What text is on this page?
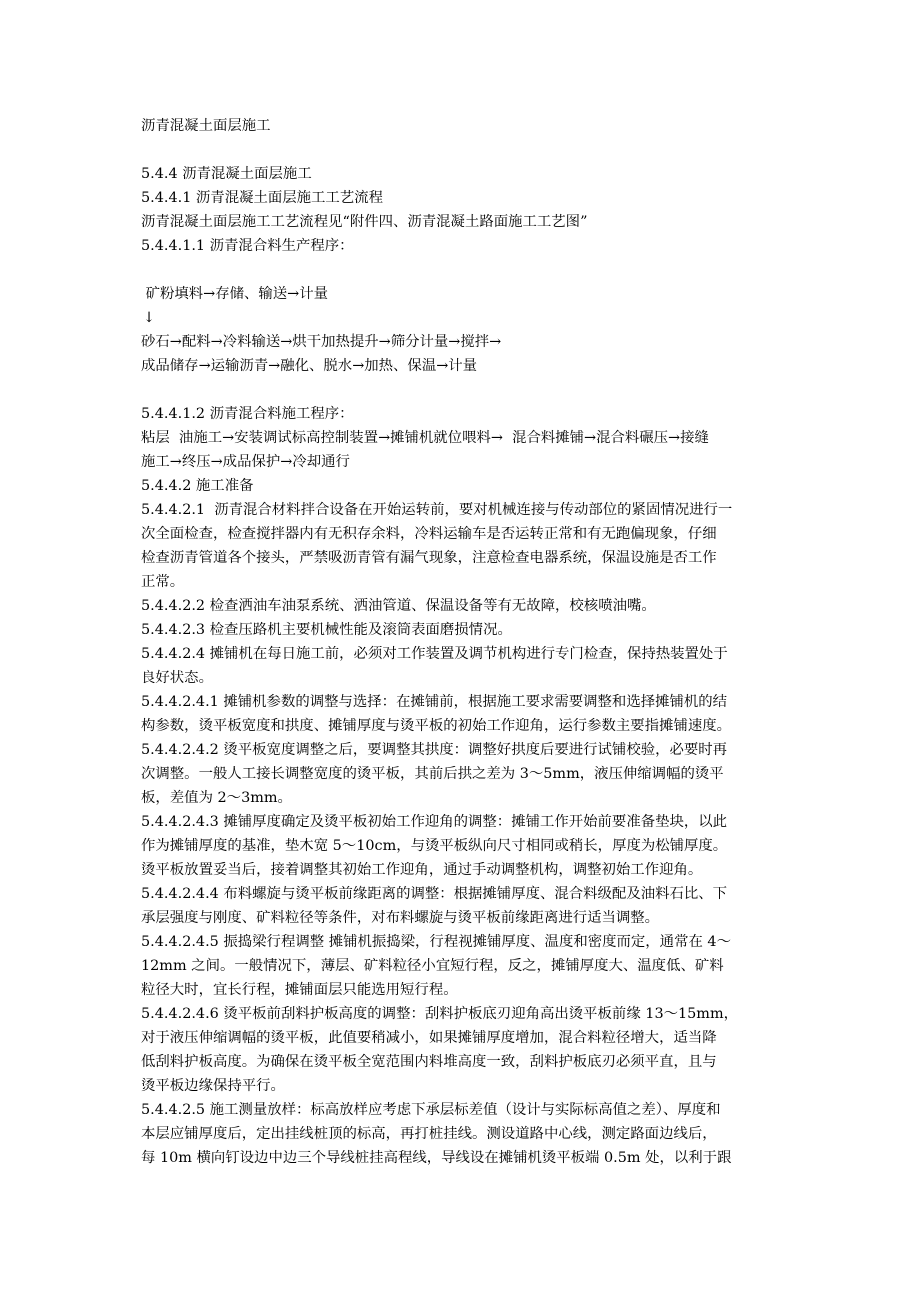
沥青混凝土面层施工
5.4.4 沥青混凝土面层施工
5.4.4.1 沥青混凝土面层施工工艺流程
沥青混凝土面层施工工艺流程见“附件四、沥青混凝土路面施工工艺图”
5.4.4.1.1 沥青混合料生产程序：
矿粉填料→存储、输送→计量
↓
砂石→配料→冷料输送→烘干加热提升→筛分计量→搅拌→
成品储存→运输沥青→融化、脱水→加热、保温→计量
5.4.4.1.2 沥青混合料施工程序：
粘层  油施工→安装调试标高控制装置→摊铺机就位喂料→  混合料摊铺→混合料碾压→接缝
施工→终压→成品保护→冷却通行
5.4.4.2 施工准备
5.4.4.2.1  沥青混合材料拌合设备在开始运转前，要对机械连接与传动部位的紧固情况进行一
次全面检查，检查搅拌器内有无积存余料，冷料运输车是否运转正常和有无跑偏现象，仔细
检查沥青管道各个接头，严禁吸沥青管有漏气现象，注意检查电器系统，保温设施是否工作
正常。
5.4.4.2.2 检查洒油车油泵系统、洒油管道、保温设备等有无故障，校核喷油嘴。
5.4.4.2.3 检查压路机主要机械性能及滚筒表面磨损情况。
5.4.4.2.4 摊铺机在每日施工前，必须对工作装置及调节机构进行专门检查，保持热装置处于
良好状态。
5.4.4.2.4.1 摊铺机参数的调整与选择：在摊铺前，根据施工要求需要调整和选择摊铺机的结
构参数，烫平板宽度和拱度、摊铺厚度与烫平板的初始工作迎角，运行参数主要指摊铺速度。
5.4.4.2.4.2 烫平板宽度调整之后，要调整其拱度：调整好拱度后要进行试铺校验，必要时再
次调整。一般人工接长调整宽度的烫平板，其前后拱之差为 3～5mm，液压伸缩调幅的烫平
板，差值为 2～3mm。
5.4.4.2.4.3 摊铺厚度确定及烫平板初始工作迎角的调整：摊铺工作开始前要准备垫块，以此
作为摊铺厚度的基准，垫木宽 5～10cm，与烫平板纵向尺寸相同或稍长，厚度为松铺厚度。
烫平板放置妥当后，接着调整其初始工作迎角，通过手动调整机构，调整初始工作迎角。
5.4.4.2.4.4 布料螺旋与烫平板前缘距离的调整：根据摊铺厚度、混合料级配及油料石比、下
承层强度与刚度、矿料粒径等条件，对布料螺旋与烫平板前缘距离进行适当调整。
5.4.4.2.4.5 振捣梁行程调整 摊铺机振捣梁，行程视摊铺厚度、温度和密度而定，通常在 4～
12mm 之间。一般情况下，薄层、矿料粒径小宜短行程，反之，摊铺厚度大、温度低、矿料
粒径大时，宜长行程，摊铺面层只能选用短行程。
5.4.4.2.4.6 烫平板前刮料护板高度的调整：刮料护板底刃迎角高出烫平板前缘 13～15mm，
对于液压伸缩调幅的烫平板，此值要稍减小，如果摊铺厚度增加，混合料粒径增大，适当降
低刮料护板高度。为确保在烫平板全宽范围内料堆高度一致，刮料护板底刃必须平直，且与
烫平板边缘保持平行。
5.4.4.2.5 施工测量放样：标高放样应考虑下承层标差值（设计与实际标高值之差）、厚度和
本层应铺厚度后，定出挂线桩顶的标高，再打桩挂线。测设道路中心线，测定路面边线后，
每 10m 横向钉设边中边三个导线桩挂高程线，导线设在摊铺机烫平板端 0.5m 处，以利于跟
